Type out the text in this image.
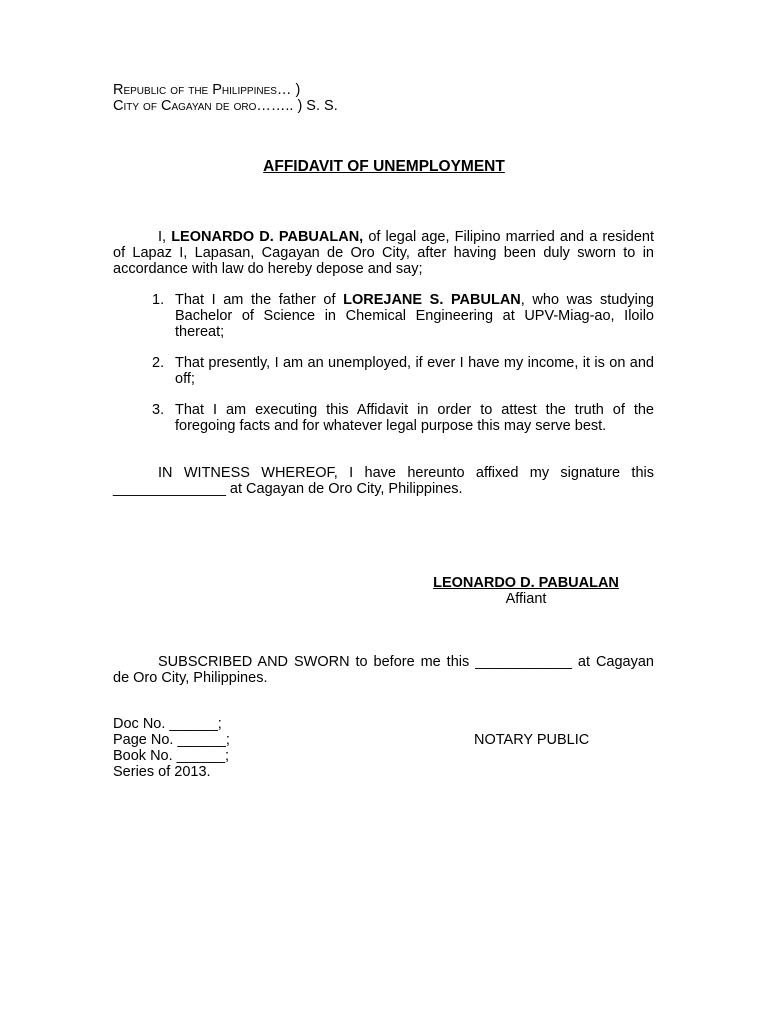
Republic of the Philippines… )
City of Cagayan de oro…….. ) S. S.
AFFIDAVIT OF UNEMPLOYMENT
I, LEONARDO D. PABUALAN, of legal age, Filipino married and a resident of Lapaz I, Lapasan, Cagayan de Oro City, after having been duly sworn to in accordance with law do hereby depose and say;
1. That I am the father of LOREJANE S. PABULAN, who was studying Bachelor of Science in Chemical Engineering at UPV-Miag-ao, Iloilo thereat;
2. That presently, I am an unemployed, if ever I have my income, it is on and off;
3. That I am executing this Affidavit in order to attest the truth of the foregoing facts and for whatever legal purpose this may serve best.
IN WITNESS WHEREOF, I have hereunto affixed my signature this ______________ at Cagayan de Oro City, Philippines.
LEONARDO D. PABUALAN
Affiant
SUBSCRIBED AND SWORN to before me this ____________ at Cagayan de Oro City, Philippines.
Doc No. ______;
Page No. ______;
Book No. ______;
Series of 2013.
NOTARY PUBLIC
